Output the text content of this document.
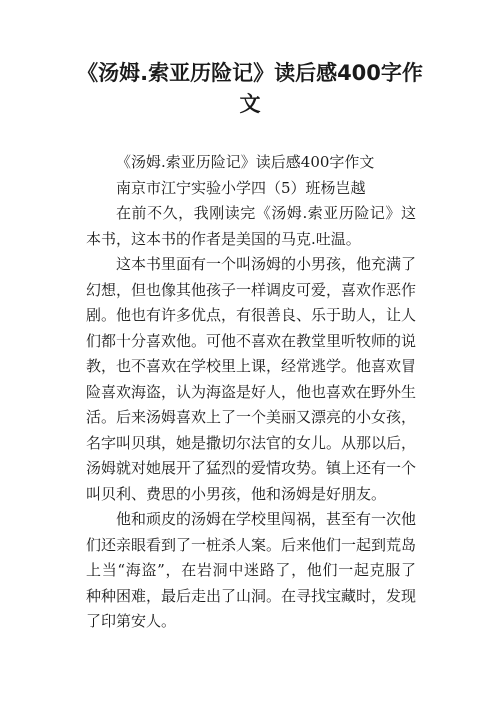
《汤姆.索亚历险记》读后感400字作文

《汤姆.索亚历险记》读后感400字作文

南京市江宁实验小学四（5）班杨岂越

在前不久，我刚读完《汤姆.索亚历险记》这本书，这本书的作者是美国的马克.吐温。

这本书里面有一个叫汤姆的小男孩，他充满了幻想，但也像其他孩子一样调皮可爱，喜欢作恶作剧。他也有许多优点，有很善良、乐于助人，让人们都十分喜欢他。可他不喜欢在教堂里听牧师的说教，也不喜欢在学校里上课，经常逃学。他喜欢冒险喜欢海盗，认为海盗是好人，他也喜欢在野外生活。后来汤姆喜欢上了一个美丽又漂亮的小女孩，名字叫贝琪，她是撒切尔法官的女儿。从那以后，汤姆就对她展开了猛烈的爱情攻势。镇上还有一个叫贝利、费思的小男孩，他和汤姆是好朋友。

他和顽皮的汤姆在学校里闯祸，甚至有一次他们还亲眼看到了一桩杀人案。后来他们一起到荒岛上当“海盗”，在岩洞中迷路了，他们一起克服了种种困难，最后走出了山洞。在寻找宝藏时，发现了印第安人。
